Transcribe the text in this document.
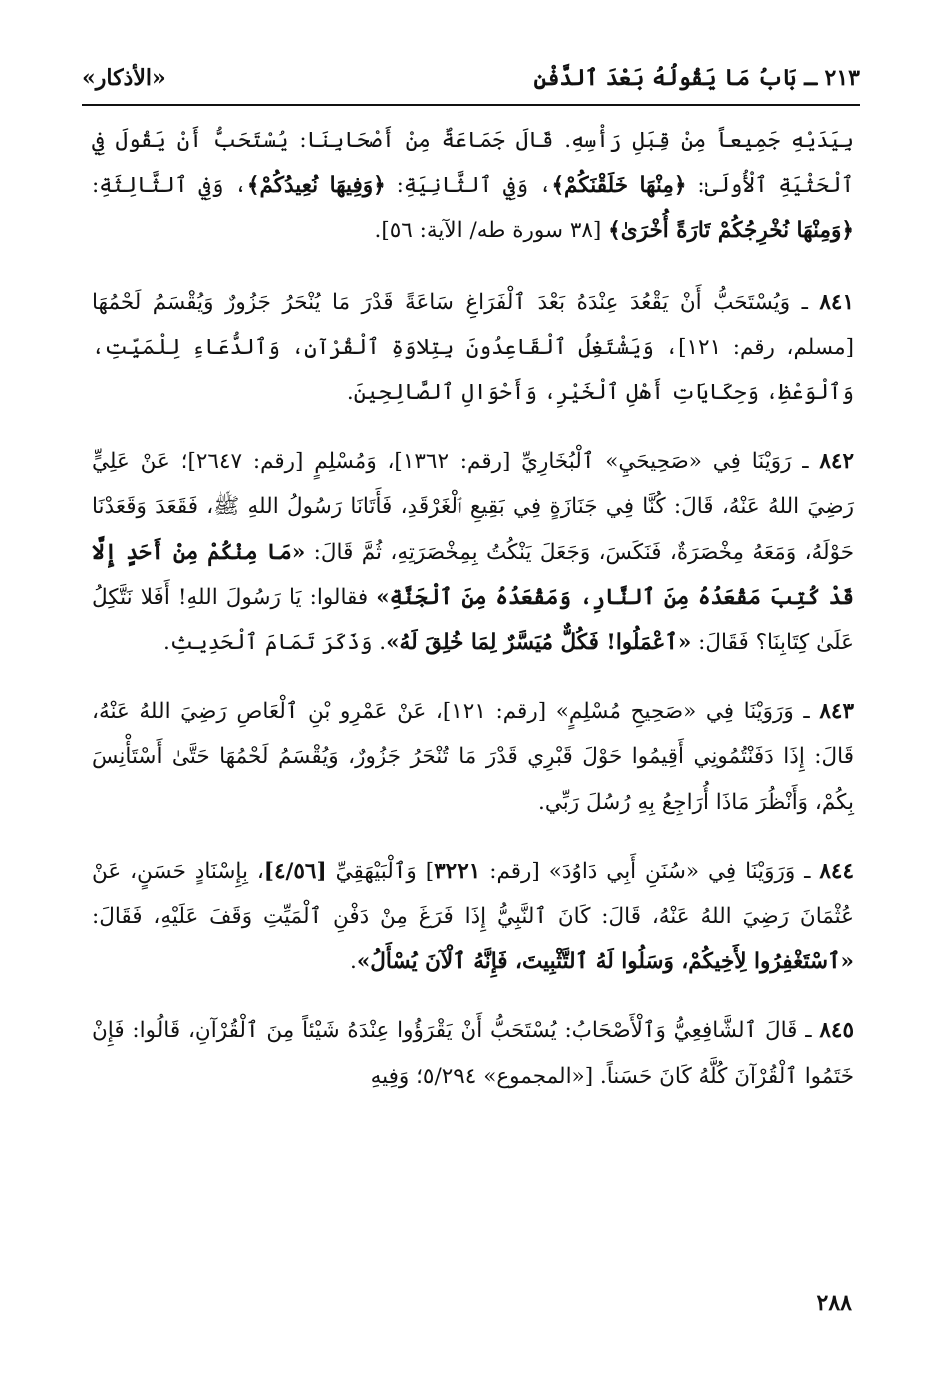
٢١٣ ـ بَابُ مَا يَقُولُهُ بَعْدَ ٱلدَّفْنِ
«الأذكار»

بِيَدَيْهِ جَمِيعاً مِنْ قِبَلِ رَأْسِهِ. قَالَ جَمَاعَةٌ مِنْ أَصْحَابِنَا: يُسْتَحَبُّ أَنْ يَقُولَ فِي ٱلْحَثْيَةِ ٱلْأُولَىٰ: ﴿مِنْهَا خَلَقْنَكُمْ﴾، وَفِي ٱلثَّانِيَةِ: ﴿وَفِيهَا نُعِيدُكُمْ﴾، وَفِي ٱلثَّالِثَةِ: ﴿وَمِنْهَا نُخْرِجُكُمْ تَارَةً أُخْرَىٰ﴾ [٣٨ سورة طه/ الآية: ٥٦].

٨٤١ ـ وَيُسْتَحَبُّ أَنْ يَقْعُدَ عِنْدَهُ بَعْدَ ٱلْفَرَاغِ سَاعَةً قَدْرَ مَا يُنْحَرُ جَزُورٌ وَيُقْسَمُ لَحْمُهَا [مسلم، رقم: ١٢١]، وَيَشْتَغِلُ ٱلْقَاعِدُونَ بِتِلاوَةِ ٱلْقُرْآنِ، وَٱلدُّعَاءِ لِلْمَيِّتِ، وَٱلْوَعْظِ، وَحِكَايَاتِ أَهْلِ ٱلْخَيْرِ، وَأَحْوَالِ ٱلصَّالِحِينَ.

٨٤٢ ـ رَوَيْنَا فِي «صَحِيحَيِ» ٱلْبُخَارِيِّ [رقم: ١٣٦٢]، وَمُسْلِمٍ [رقم: ٢٦٤٧]؛ عَنْ عَلِيٍّ رَضِيَ اللهُ عَنْهُ، قَالَ: كُنَّا فِي جَنَازَةٍ فِي بَقِيعِ ٱلْغَرْقَدِ، فَأَتَانَا رَسُولُ اللهِ ﷺ، فَقَعَدَ وَقَعَدْنَا حَوْلَهُ، وَمَعَهُ مِخْصَرَةٌ، فَنَكَسَ، وَجَعَلَ يَنْكُتُ بِمِخْصَرَتِهِ، ثُمَّ قَالَ: «مَا مِنْكُمْ مِنْ أَحَدٍ إِلَّا قَدْ كُتِبَ مَقْعَدُهُ مِنَ ٱلنَّارِ، وَمَقْعَدُهُ مِنَ ٱلْجَنَّةِ» فقالوا: يَا رَسُولَ اللهِ! أَفَلا نَتَّكِلُ عَلَىٰ كِتَابِنَا؟ فَقَالَ: «ٱعْمَلُوا! فَكُلٌّ مُيَسَّرٌ لِمَا خُلِقَ لَهُ». وَذَكَرَ تَمَامَ ٱلْحَدِيثِ.

٨٤٣ ـ وَرَوَيْنَا فِي «صَحِيحِ مُسْلِمٍ» [رقم: ١٢١]، عَنْ عَمْرِو بْنِ ٱلْعَاصِ رَضِيَ اللهُ عَنْهُ، قَالَ: إِذَا دَفَنْتُمُونِي أَقِيمُوا حَوْلَ قَبْرِي قَدْرَ مَا تُنْحَرُ جَزُورٌ، وَيُقْسَمُ لَحْمُهَا حَتَّىٰ أَسْتَأْنِسَ بِكُمْ، وَأَنْظُرَ مَاذَا أُرَاجِعُ بِهِ رُسُلَ رَبِّي.

٨٤٤ ـ وَرَوَيْنَا فِي «سُنَنِ أَبِي دَاوُدَ» [رقم: ٣٢٢١] وَٱلْبَيْهَقِيِّ [٤/٥٦]، بِإِسْنَادٍ حَسَنٍ، عَنْ عُثْمَانَ رَضِيَ اللهُ عَنْهُ، قَالَ: كَانَ ٱلنَّبِيُّ إِذَا فَرَغَ مِنْ دَفْنِ ٱلْمَيِّتِ وَقَفَ عَلَيْهِ، فَقَالَ: «ٱسْتَغْفِرُوا لِأَخِيكُمْ، وَسَلُوا لَهُ ٱلتَّثْبِيتَ، فَإِنَّهُ ٱلْآنَ يُسْأَلُ».

٨٤٥ ـ قَالَ ٱلشَّافِعِيُّ وَٱلْأَصْحَابُ: يُسْتَحَبُّ أَنْ يَقْرَؤُوا عِنْدَهُ شَيْئاً مِنَ ٱلْقُرْآنِ، قَالُوا: فَإِنْ خَتَمُوا ٱلْقُرْآنَ كُلَّهُ كَانَ حَسَناً. [«المجموع» ٥/٢٩٤؛ وَفِيهِ

٢٨٨
